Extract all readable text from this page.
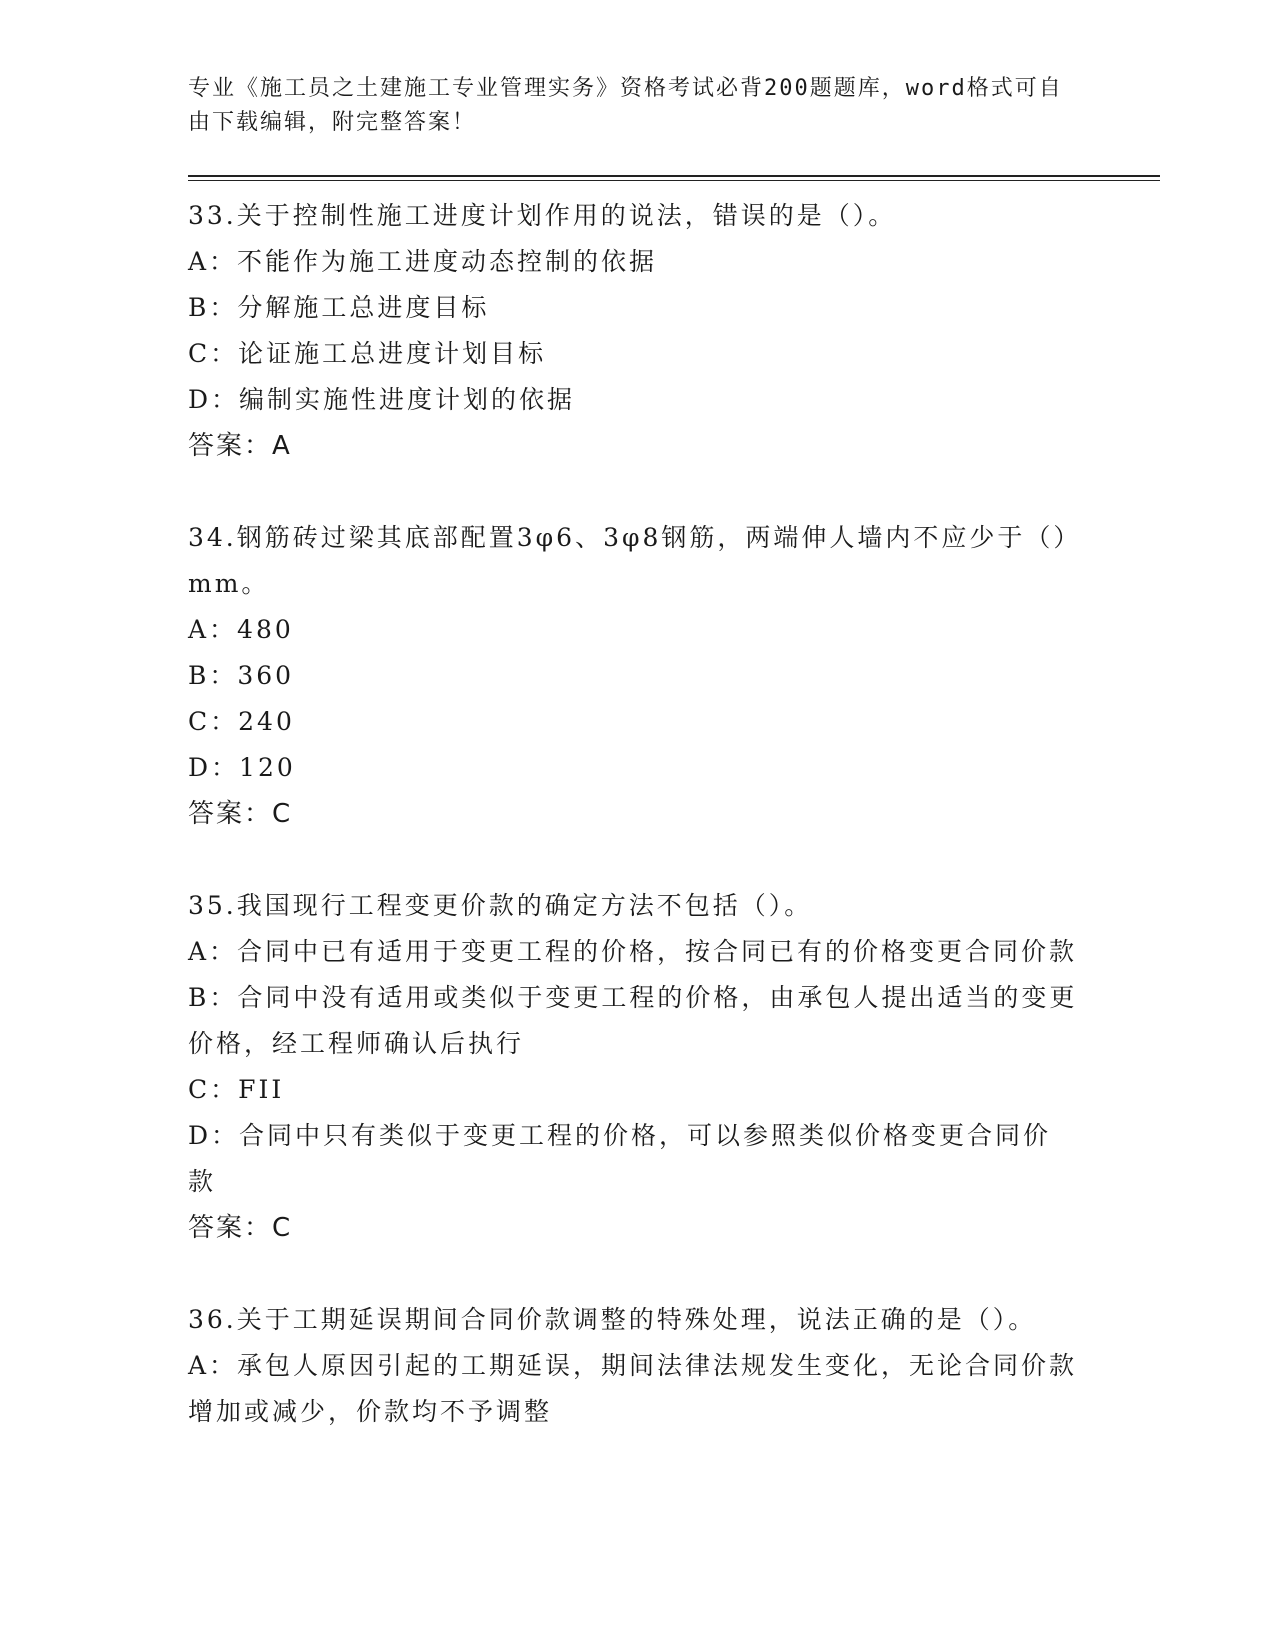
专业《施工员之土建施工专业管理实务》资格考试必背200题题库，word格式可自由下载编辑，附完整答案！

33.关于控制性施工进度计划作用的说法，错误的是（）。

A：不能作为施工进度动态控制的依据

B：分解施工总进度目标

C：论证施工总进度计划目标

D：编制实施性进度计划的依据

答案：A

34.钢筋砖过梁其底部配置3φ6、3φ8钢筋，两端伸人墙内不应少于（）mm。

A：480

B：360

C：240

D：120

答案：C

35.我国现行工程变更价款的确定方法不包括（）。

A：合同中已有适用于变更工程的价格，按合同已有的价格变更合同价款

B：合同中没有适用或类似于变更工程的价格，由承包人提出适当的变更价格，经工程师确认后执行

C：FII

D：合同中只有类似于变更工程的价格，可以参照类似价格变更合同价款

答案：C

36.关于工期延误期间合同价款调整的特殊处理，说法正确的是（）。

A：承包人原因引起的工期延误，期间法律法规发生变化，无论合同价款增加或减少，价款均不予调整
